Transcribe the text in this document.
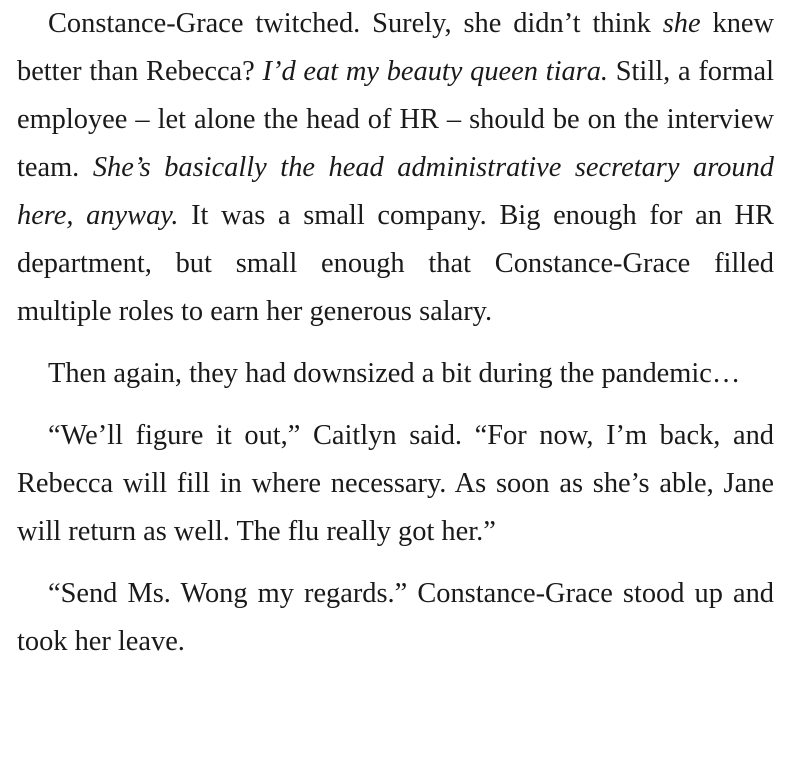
Constance-Grace twitched. Surely, she didn’t think she knew better than Rebecca? I’d eat my beauty queen tiara. Still, a formal employee – let alone the head of HR – should be on the interview team. She’s basically the head administrative secretary around here, anyway. It was a small company. Big enough for an HR department, but small enough that Constance-Grace filled multiple roles to earn her generous salary.

Then again, they had downsized a bit during the pandemic…

“We’ll figure it out,” Caitlyn said. “For now, I’m back, and Rebecca will fill in where necessary. As soon as she’s able, Jane will return as well. The flu really got her.”

“Send Ms. Wong my regards.” Constance-Grace stood up and took her leave.
